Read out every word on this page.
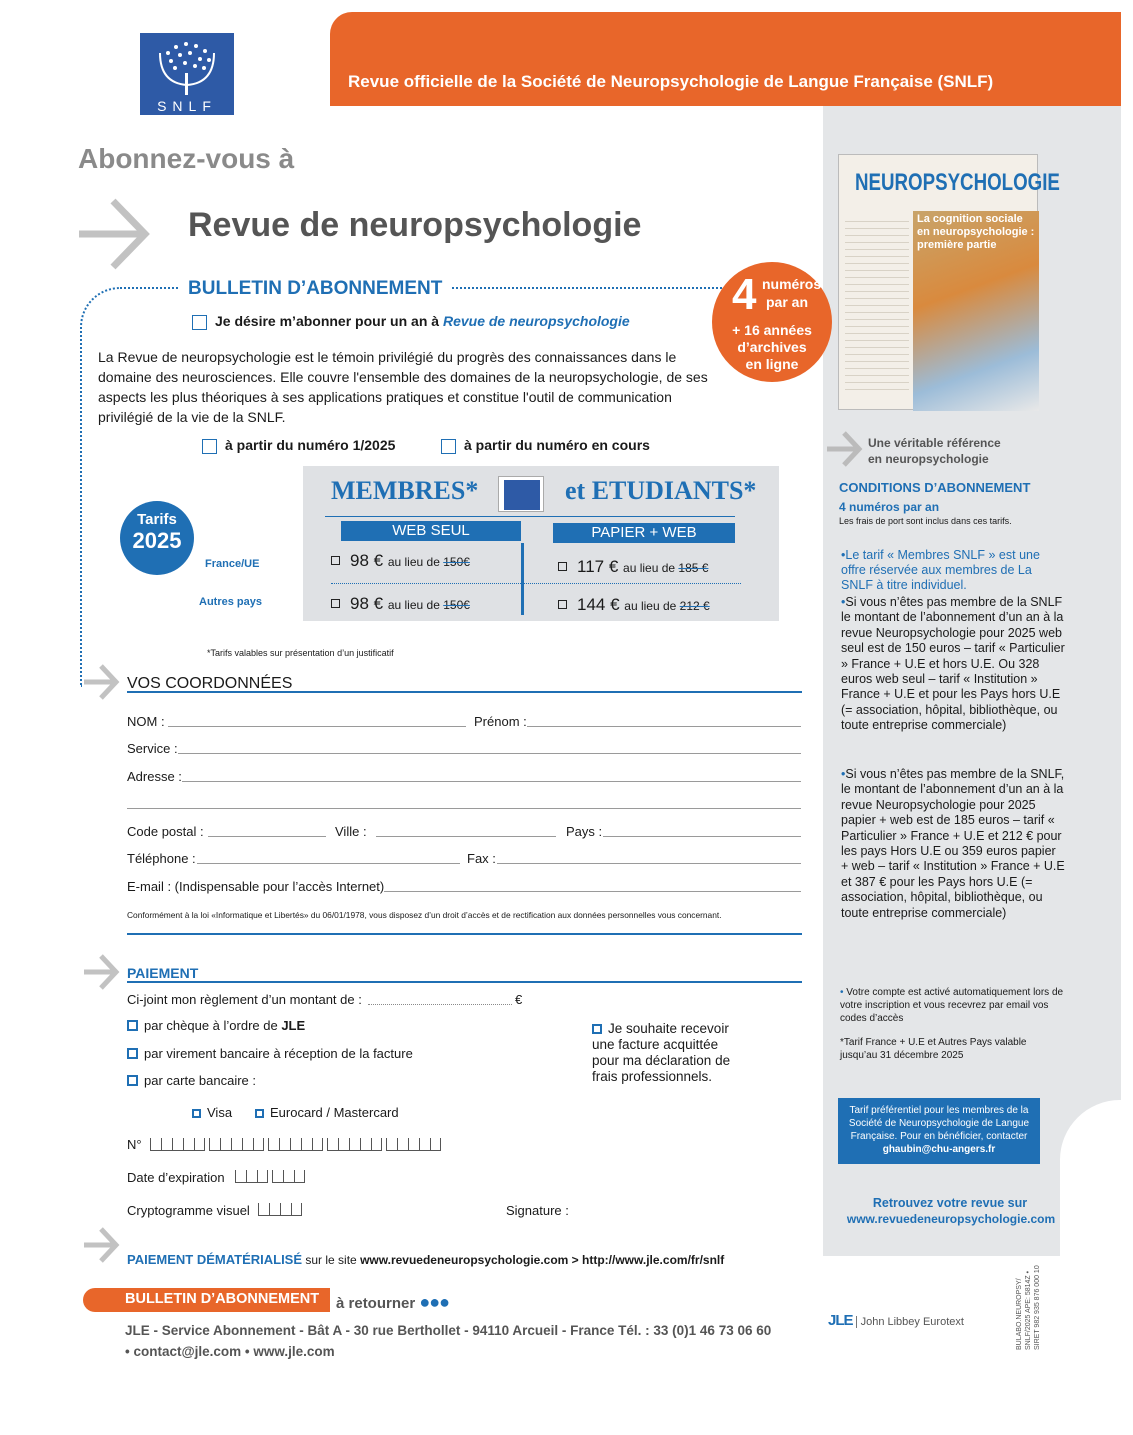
SNLF
Revue officielle de la Société de Neuropsychologie de Langue Française (SNLF)
Abonnez-vous à
Revue de neuropsychologie
BULLETIN D’ABONNEMENT
Je désire m’abonner pour un an à Revue de neuropsychologie
La Revue de neuropsychologie est le témoin privilégié du progrès des connaissances dans le domaine des neurosciences. Elle couvre l'ensemble des domaines de la neuropsychologie, de ses aspects les plus théoriques à ses applications pratiques et constitue l'outil de communication privilégié de la vie de la SNLF.
à partir du numéro 1/2025	à partir du numéro en cours
4 numéros
par an
+ 16 années
d’archives
en ligne
Tarifs
2025
France/UE
Autres pays
MEMBRES*	et ETUDIANTS*
WEB SEUL	PAPIER + WEB
98 € au lieu de 150€	117 € au lieu de 185 €
98 € au lieu de 150€	144 € au lieu de 212 €
*Tarifs valables sur présentation d’un justificatif
VOS COORDONNÉES
NOM :	Prénom :
Service :
Adresse :
Code postal :	Ville :	Pays :
Téléphone :	Fax :
E-mail : (Indispensable pour l’accès Internet)
Conformément à la loi «Informatique et Libertés» du 06/01/1978, vous disposez d’un droit d’accès et de rectification aux données personnelles vous concernant.
PAIEMENT
Ci-joint mon règlement d’un montant de :	€
par chèque à l’ordre de JLE
par virement bancaire à réception de la facture
par carte bancaire :
Je souhaite recevoir une facture acquittée pour ma déclaration de frais professionnels.
Visa	Eurocard / Mastercard
N°
Date d’expiration
Cryptogramme visuel	Signature :
PAIEMENT DÉMATÉRIALISÉ sur le site www.revuedeneuropsychologie.com > http://www.jle.com/fr/snlf
BULLETIN D’ABONNEMENT à retourner ●●●
JLE - Service Abonnement - Bât A - 30 rue Berthollet - 94110 Arcueil - France Tél. : 33 (0)1 46 73 06 60
• contact@jle.com • www.jle.com
JLE John Libbey Eurotext	BULABO.NEUROPSY/ SNLF/2025 APE: 5814Z • SIRET 982 935 876 000 10
NEUROPSYCHOLOGIE
La cognition sociale en neuropsychologie : première partie
Une véritable référence
en neuropsychologie
CONDITIONS D’ABONNEMENT
4 numéros par an
Les frais de port sont inclus dans ces tarifs.
•Le tarif « Membres SNLF » est une offre réservée aux membres de La SNLF à titre individuel.
•Si vous n’êtes pas membre de la SNLF le montant de l’abonnement d’un an à la revue Neuropsychologie pour 2025 web seul est de 150 euros – tarif « Particulier » France + U.E et hors U.E. Ou 328 euros web seul – tarif « Institution » France + U.E et pour les Pays hors U.E (= association, hôpital, bibliothèque, ou toute entreprise commerciale)
•Si vous n’êtes pas membre de la SNLF, le montant de l’abonnement d’un an à la revue Neuropsychologie pour 2025 papier + web est de 185 euros – tarif « Particulier » France + U.E et 212 € pour les pays Hors U.E ou 359 euros papier + web – tarif « Institution » France + U.E et 387 € pour les Pays hors U.E (= association, hôpital, bibliothèque, ou toute entreprise commerciale)
• Votre compte est activé automatiquement lors de votre inscription et vous recevrez par email vos codes d’accès
*Tarif France + U.E et Autres Pays valable jusqu’au 31 décembre 2025
Tarif préférentiel pour les membres de la Société de Neuropsychologie de Langue Française. Pour en bénéficier, contacter ghaubin@chu-angers.fr
Retrouvez votre revue sur
www.revuedeneuropsychologie.com
